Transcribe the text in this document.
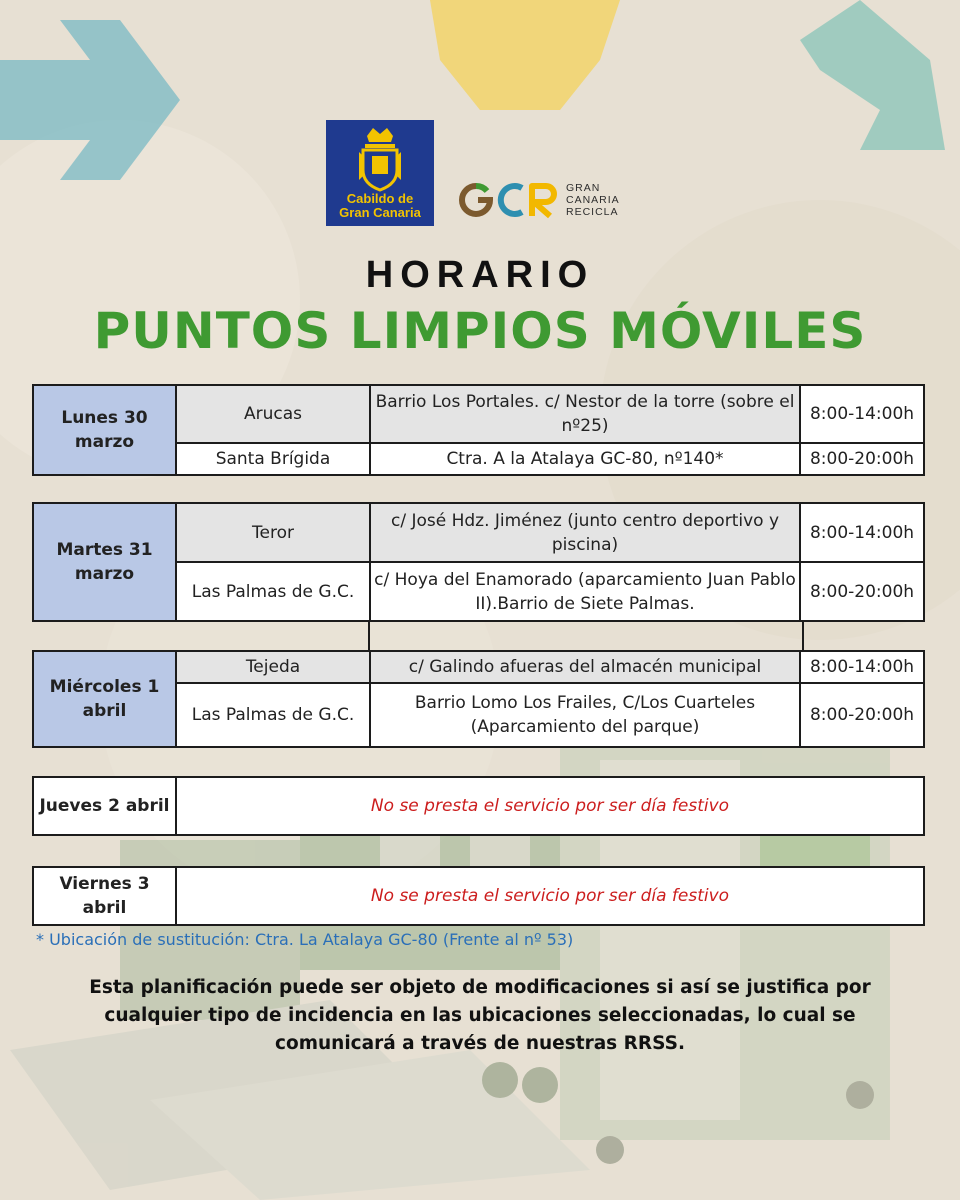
Cabildo de
Gran Canaria
GRAN
CANARIA
RECICLA
HORARIO
PUNTOS LIMPIOS MÓVILES
Lunes 30 marzo	Arucas	Barrio Los Portales. c/ Nestor de la torre (sobre el nº25)	8:00-14:00h
	Santa Brígida	Ctra. A la Atalaya GC-80, nº140*	8:00-20:00h
Martes 31 marzo	Teror	c/ José Hdz. Jiménez (junto centro deportivo y piscina)	8:00-14:00h
	Las Palmas de G.C.	c/ Hoya del Enamorado (aparcamiento Juan Pablo II).Barrio de Siete Palmas.	8:00-20:00h
Miércoles 1 abril	Tejeda	c/ Galindo afueras del almacén municipal	8:00-14:00h
	Las Palmas de G.C.	Barrio Lomo Los Frailes, C/Los Cuarteles (Aparcamiento del parque)	8:00-20:00h
Jueves 2 abril	No se presta el servicio por ser día festivo
Viernes 3 abril	No se presta el servicio por ser día festivo
* Ubicación de sustitución: Ctra. La Atalaya GC-80 (Frente al nº 53)
Esta planificación puede ser objeto de modificaciones si así se justifica por cualquier tipo de incidencia en las ubicaciones seleccionadas, lo cual se comunicará a través de nuestras RRSS.
